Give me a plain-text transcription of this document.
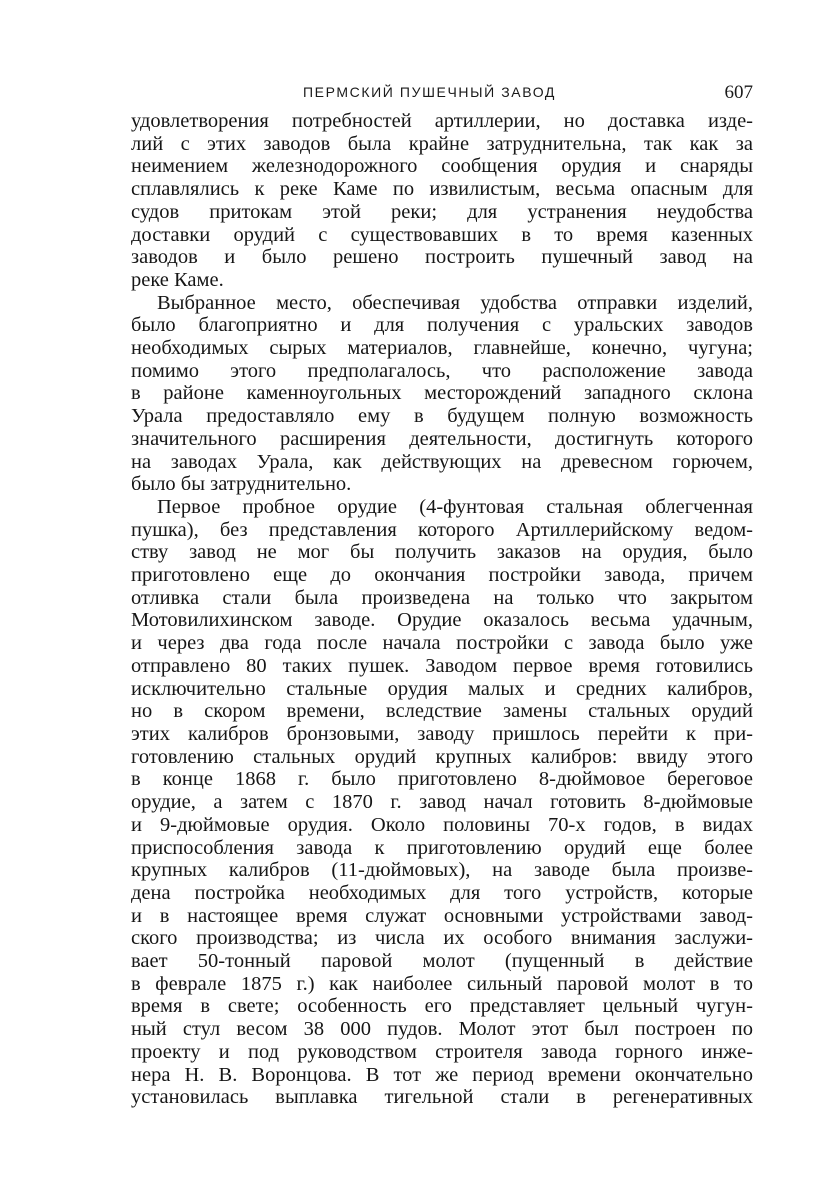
ПЕРМСКИЙ ПУШЕЧНЫЙ ЗАВОД	607
удовлетворения потребностей артиллерии, но доставка изде-
лий с этих заводов была крайне затруднительна, так как за
неимением железнодорожного сообщения орудия и снаряды
сплавлялись к реке Каме по извилистым, весьма опасным для
судов притокам этой реки; для устранения неудобства
доставки орудий с существовавших в то время казенных
заводов и было решено построить пушечный завод на
реке Каме.
Выбранное место, обеспечивая удобства отправки изделий,
было благоприятно и для получения с уральских заводов
необходимых сырых материалов, главнейше, конечно, чугуна;
помимо этого предполагалось, что расположение завода
в районе каменноугольных месторождений западного склона
Урала предоставляло ему в будущем полную возможность
значительного расширения деятельности, достигнуть которого
на заводах Урала, как действующих на древесном горючем,
было бы затруднительно.
Первое пробное орудие (4-фунтовая стальная облегченная
пушка), без представления которого Артиллерийскому ведом-
ству завод не мог бы получить заказов на орудия, было
приготовлено еще до окончания постройки завода, причем
отливка стали была произведена на только что закрытом
Мотовилихинском заводе. Орудие оказалось весьма удачным,
и через два года после начала постройки с завода было уже
отправлено 80 таких пушек. Заводом первое время готовились
исключительно стальные орудия малых и средних калибров,
но в скором времени, вследствие замены стальных орудий
этих калибров бронзовыми, заводу пришлось перейти к при-
готовлению стальных орудий крупных калибров: ввиду этого
в конце 1868 г. было приготовлено 8-дюймовое береговое
орудие, а затем с 1870 г. завод начал готовить 8-дюймовые
и 9-дюймовые орудия. Около половины 70-х годов, в видах
приспособления завода к приготовлению орудий еще более
крупных калибров (11-дюймовых), на заводе была произве-
дена постройка необходимых для того устройств, которые
и в настоящее время служат основными устройствами завод-
ского производства; из числа их особого внимания заслужи-
вает 50-тонный паровой молот (пущенный в действие
в феврале 1875 г.) как наиболее сильный паровой молот в то
время в свете; особенность его представляет цельный чугун-
ный стул весом 38 000 пудов. Молот этот был построен по
проекту и под руководством строителя завода горного инже-
нера Н. В. Воронцова. В тот же период времени окончательно
установилась выплавка тигельной стали в регенеративных
